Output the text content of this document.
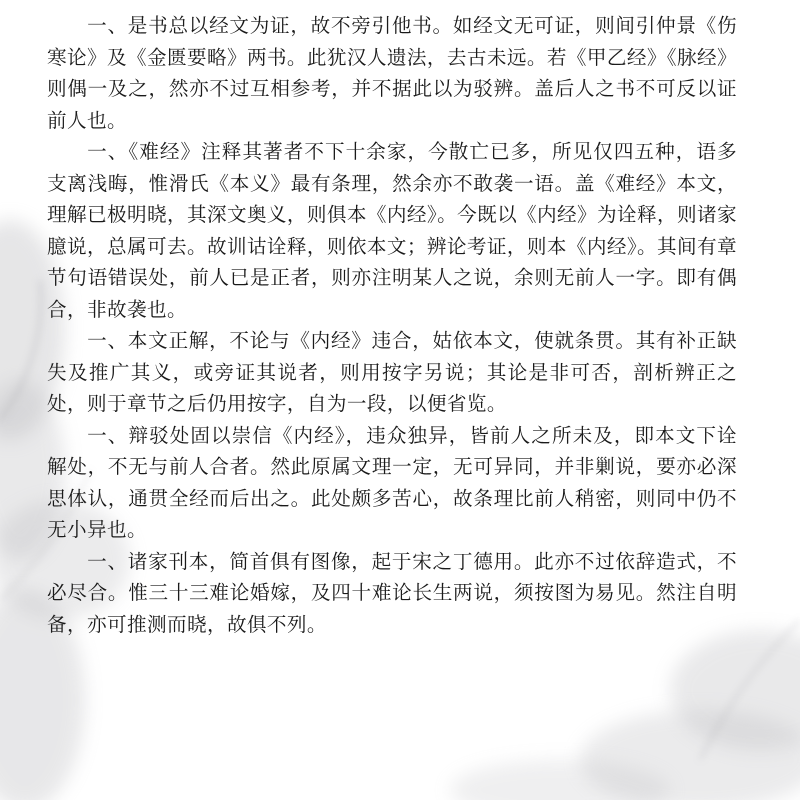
一、是书总以经文为证，故不旁引他书。如经文无可证，则间引仲景《伤寒论》及《金匮要略》两书。此犹汉人遗法，去古未远。若《甲乙经》《脉经》则偶一及之，然亦不过互相参考，并不据此以为驳辨。盖后人之书不可反以证前人也。

一、《难经》注释其著者不下十余家，今散亡已多，所见仅四五种，语多支离浅晦，惟滑氏《本义》最有条理，然余亦不敢袭一语。盖《难经》本文，理解已极明晓，其深文奥义，则俱本《内经》。今既以《内经》为诠释，则诸家臆说，总属可去。故训诂诠释，则依本文；辨论考证，则本《内经》。其间有章节句语错误处，前人已是正者，则亦注明某人之说，余则无前人一字。即有偶合，非故袭也。

一、本文正解，不论与《内经》违合，姑依本文，使就条贯。其有补正缺失及推广其义，或旁证其说者，则用按字另说；其论是非可否，剖析辨正之处，则于章节之后仍用按字，自为一段，以便省览。

一、辩驳处固以崇信《内经》，违众独异，皆前人之所未及，即本文下诠解处，不无与前人合者。然此原属文理一定，无可异同，并非剿说，要亦必深思体认，通贯全经而后出之。此处颇多苦心，故条理比前人稍密，则同中仍不无小异也。

一、诸家刊本，简首俱有图像，起于宋之丁德用。此亦不过依辞造式，不必尽合。惟三十三难论婚嫁，及四十难论长生两说，须按图为易见。然注自明备，亦可推测而晓，故俱不列。
